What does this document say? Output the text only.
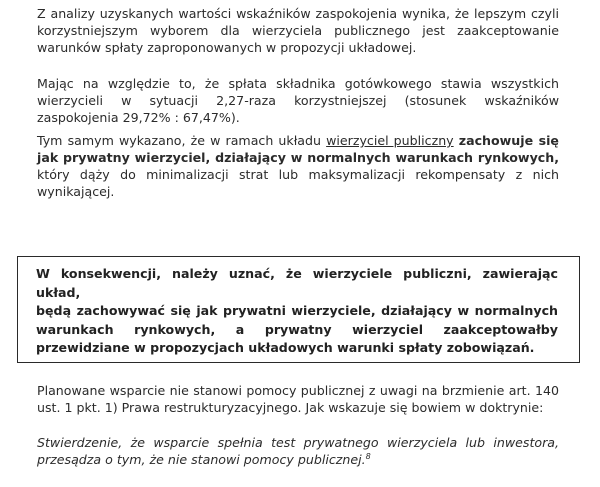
Z analizy uzyskanych wartości wskaźników zaspokojenia wynika, że lepszym czyli
korzystniejszym wyborem dla wierzyciela publicznego jest zaakceptowanie
warunków spłaty zaproponowanych w propozycji układowej.

Mając na względzie to, że spłata składnika gotówkowego stawia wszystkich
wierzycieli w sytuacji 2,27-raza korzystniejszej (stosunek wskaźników
zaspokojenia 29,72% : 67,47%).

Tym samym wykazano, że w ramach układu wierzyciel publiczny zachowuje się
jak prywatny wierzyciel, działający w normalnych warunkach rynkowych,
który dąży do minimalizacji strat lub maksymalizacji rekompensaty z nich
wynikającej.

W konsekwencji, należy uznać, że wierzyciele publiczni, zawierając układ,
będą zachowywać się jak prywatni wierzyciele, działający w normalnych
warunkach rynkowych, a prywatny wierzyciel zaakceptowałby
przewidziane w propozycjach układowych warunki spłaty zobowiązań.

Planowane wsparcie nie stanowi pomocy publicznej z uwagi na brzmienie art. 140
ust. 1 pkt. 1) Prawa restrukturyzacyjnego. Jak wskazuje się bowiem w doktrynie:

Stwierdzenie, że wsparcie spełnia test prywatnego wierzyciela lub inwestora,
przesądza o tym, że nie stanowi pomocy publicznej.$^8$
